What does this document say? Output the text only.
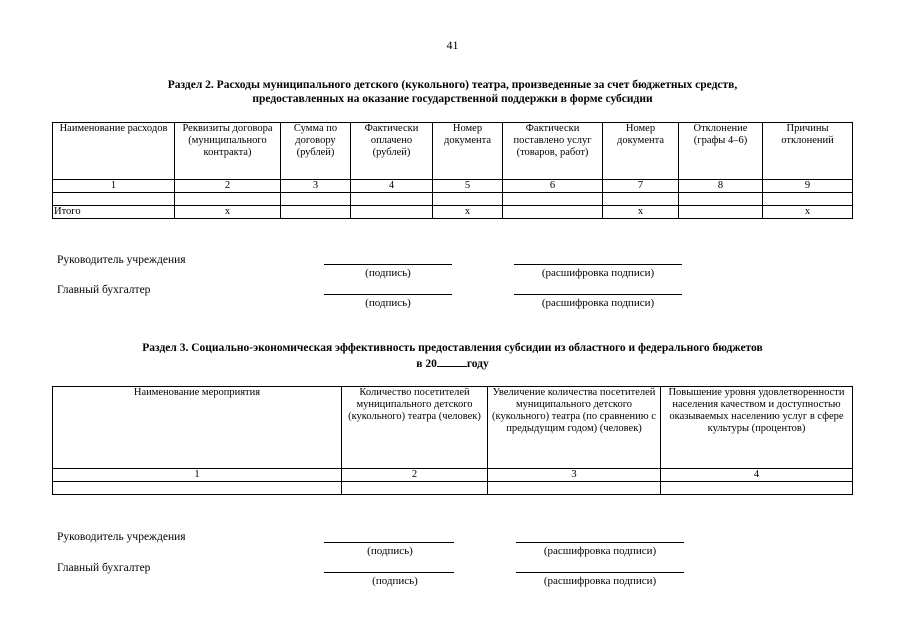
41
Раздел 2. Расходы муниципального детского (кукольного) театра, произведенные за счет бюджетных средств,
предоставленных на оказание государственной поддержки в форме субсидии
Наименование расходов	Реквизиты договора (муниципального контракта)	Сумма по договору (рублей)	Фактически оплачено (рублей)	Номер документа	Фактически поставлено услуг (товаров, работ)	Номер документа	Отклонение (графы 4–6)	Причины отклонений
1	2	3	4	5	6	7	8	9

Итого	х			х		х		х
Руководитель учреждения
(подпись)	(расшифровка подписи)
Главный бухгалтер
(подпись)	(расшифровка подписи)
Раздел 3. Социально-экономическая эффективность предоставления субсидии из областного и федерального бюджетов
в 20	году
Наименование мероприятия	Количество посетителей муниципального детского (кукольного) театра (человек)	Увеличение количества посетителей муниципального детского (кукольного) театра (по сравнению с предыдущим годом) (человек)	Повышение уровня удовлетворенности населения качеством и доступностью оказываемых населению услуг в сфере культуры (процентов)
1	2	3	4

Руководитель учреждения
(подпись)	(расшифровка подписи)
Главный бухгалтер
(подпись)	(расшифровка подписи)
